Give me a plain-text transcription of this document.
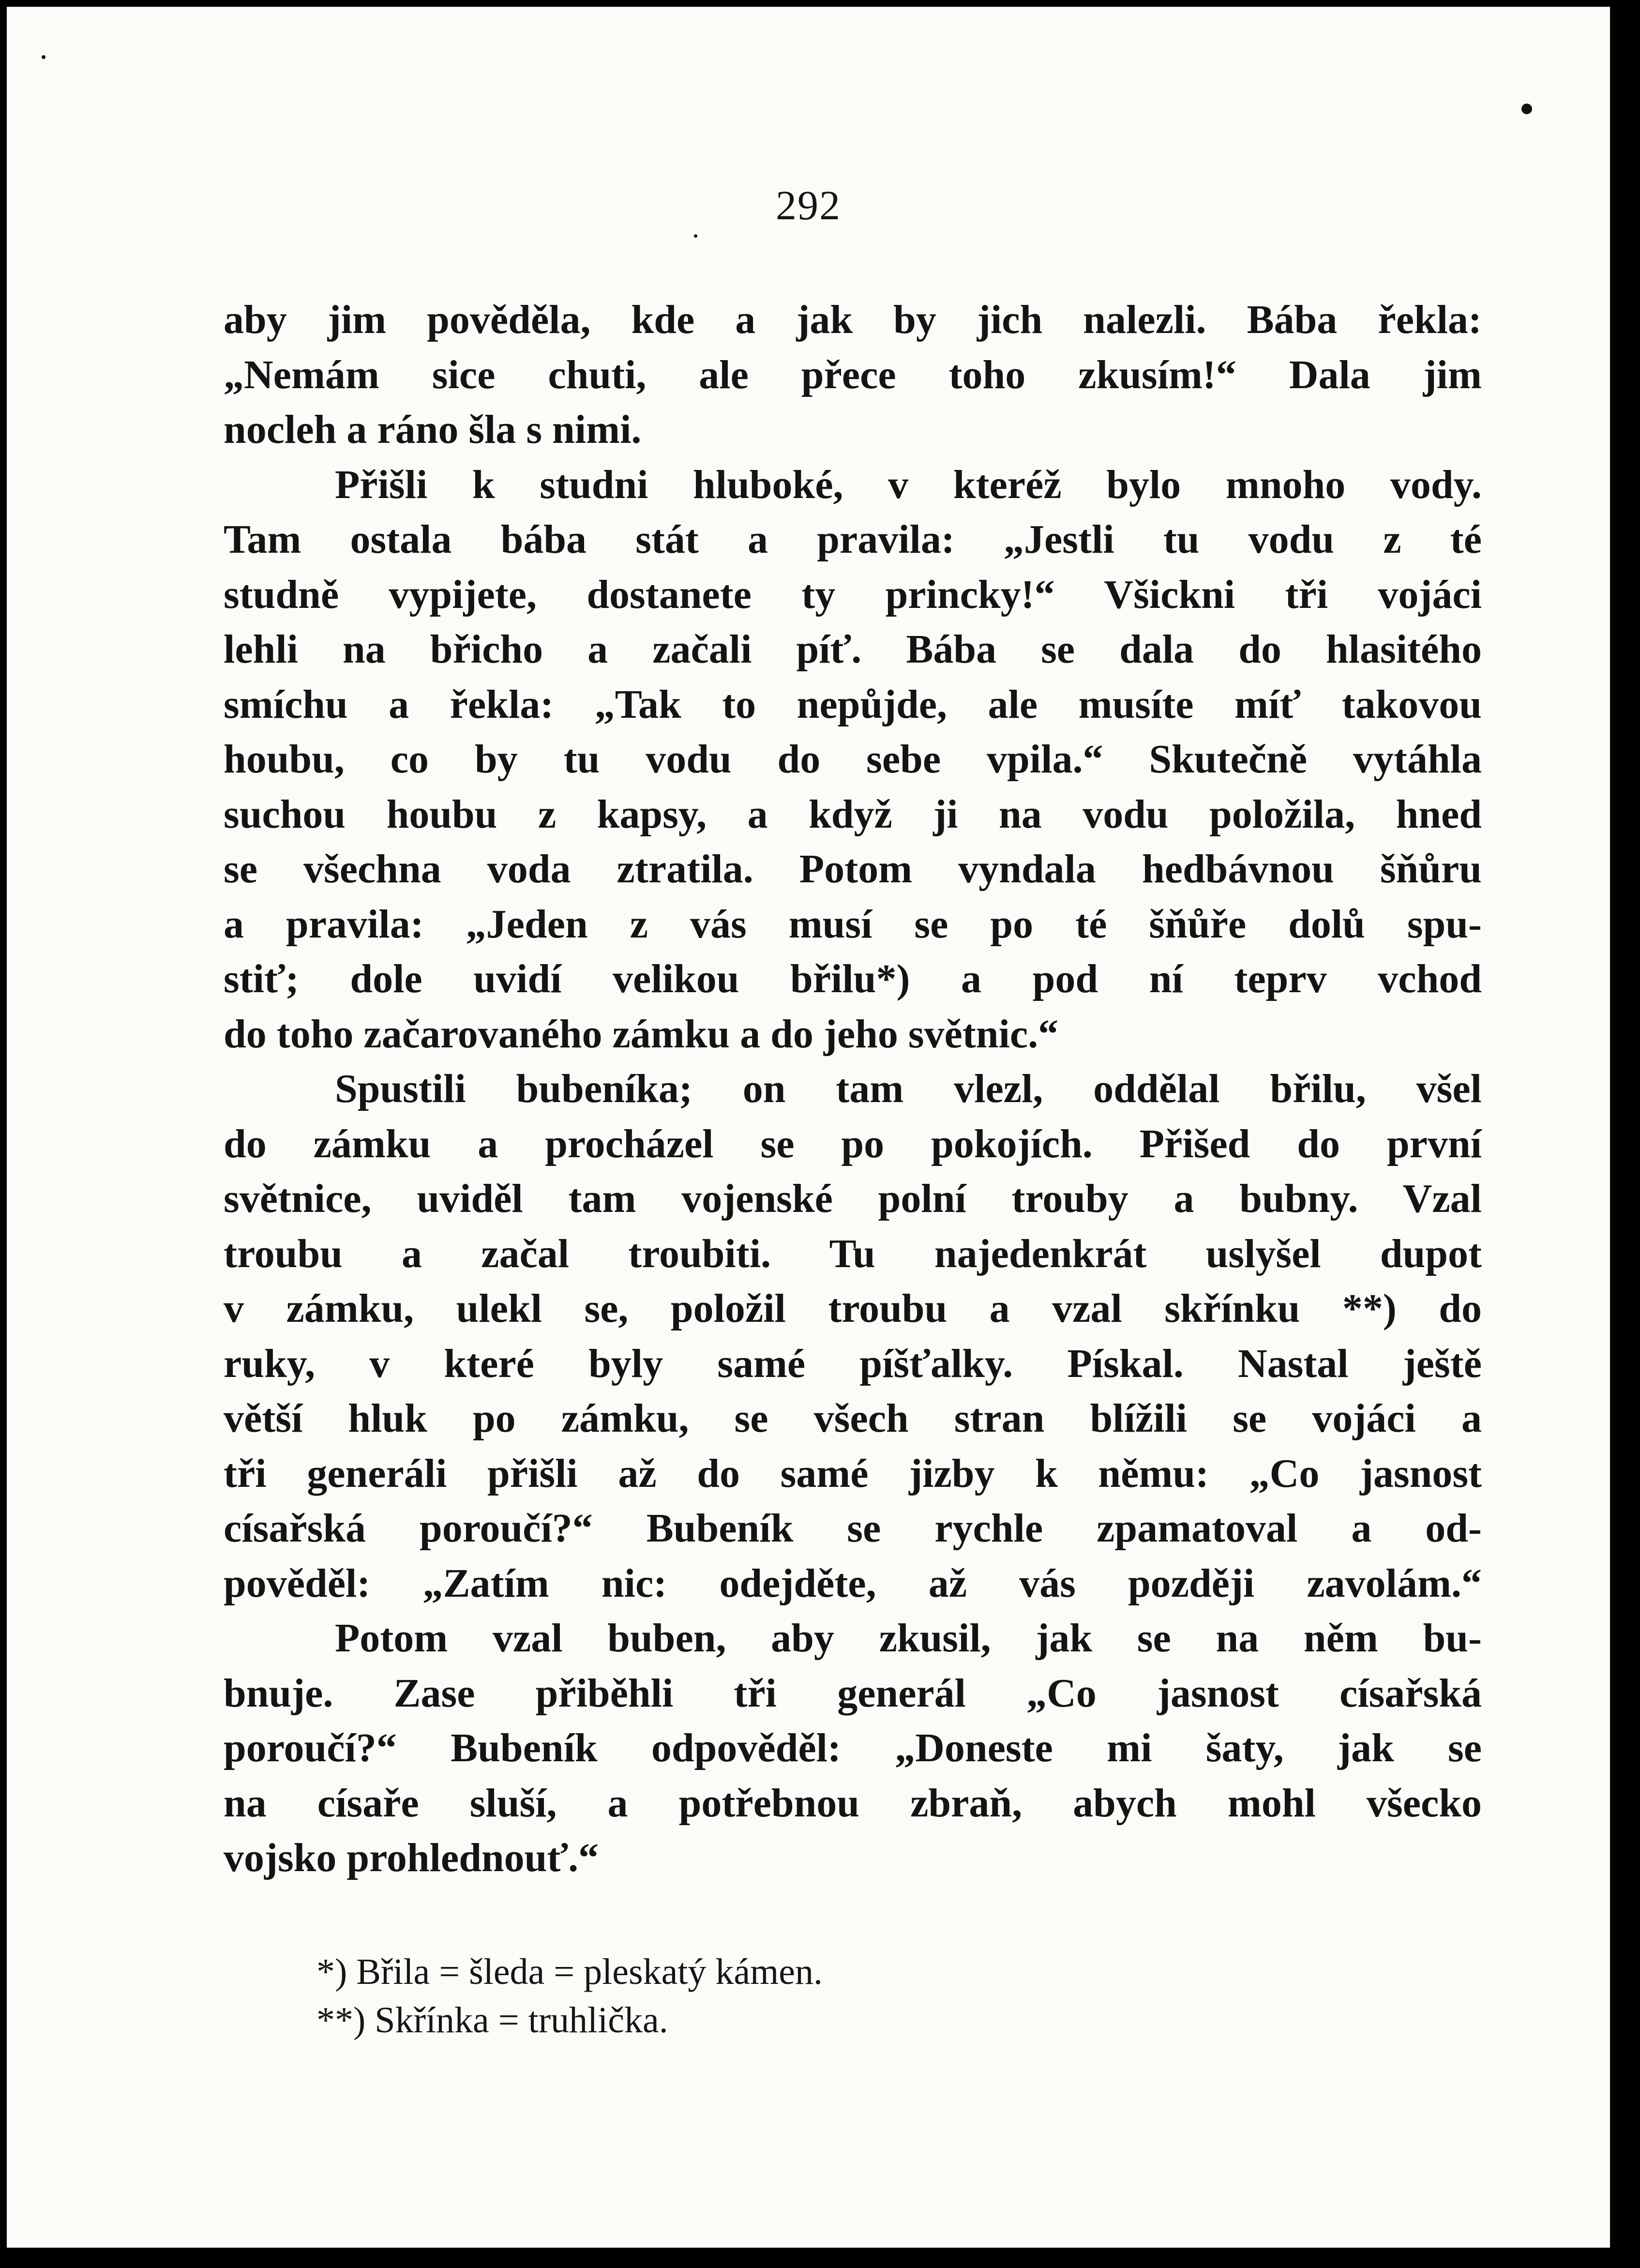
292

aby jim pověděla, kde a jak by jich nalezli. Bába řekla:
„Nemám sice chuti, ale přece toho zkusím!“ Dala jim
nocleh a ráno šla s nimi.

Přišli k studni hluboké, v kteréž bylo mnoho vody.
Tam ostala bába stát a pravila: „Jestli tu vodu z té
studně vypijete, dostanete ty princky!“ Všickni tři vojáci
lehli na břicho a začali píť. Bába se dala do hlasitého
smíchu a řekla: „Tak to nepůjde, ale musíte míť takovou
houbu, co by tu vodu do sebe vpila.“ Skutečně vytáhla
suchou houbu z kapsy, a když ji na vodu položila, hned
se všechna voda ztratila. Potom vyndala hedbávnou šňůru
a pravila: „Jeden z vás musí se po té šňůře dolů spu-
stiť; dole uvidí velikou břilu*) a pod ní teprv vchod
do toho začarovaného zámku a do jeho světnic.“

Spustili bubeníka; on tam vlezl, oddělal břilu, všel
do zámku a procházel se po pokojích. Přišed do první
světnice, uviděl tam vojenské polní trouby a bubny. Vzal
troubu a začal troubiti. Tu najedenkrát uslyšel dupot
v zámku, ulekl se, položil troubu a vzal skřínku **) do
ruky, v které byly samé píšťalky. Pískal. Nastal ještě
větší hluk po zámku, se všech stran blížili se vojáci a
tři generáli přišli až do samé jizby k němu: „Co jasnost
císařská poroučí?“ Bubeník se rychle zpamatoval a od-
pověděl: „Zatím nic: odejděte, až vás později zavolám.“

Potom vzal buben, aby zkusil, jak se na něm bu-
bnuje. Zase přiběhli tři generál „Co jasnost císařská
poroučí?“ Bubeník odpověděl: „Doneste mi šaty, jak se
na císaře sluší, a potřebnou zbraň, abych mohl všecko
vojsko prohlednouť.“

*) Břila = šleda = pleskatý kámen.
**) Skřínka = truhlička.
